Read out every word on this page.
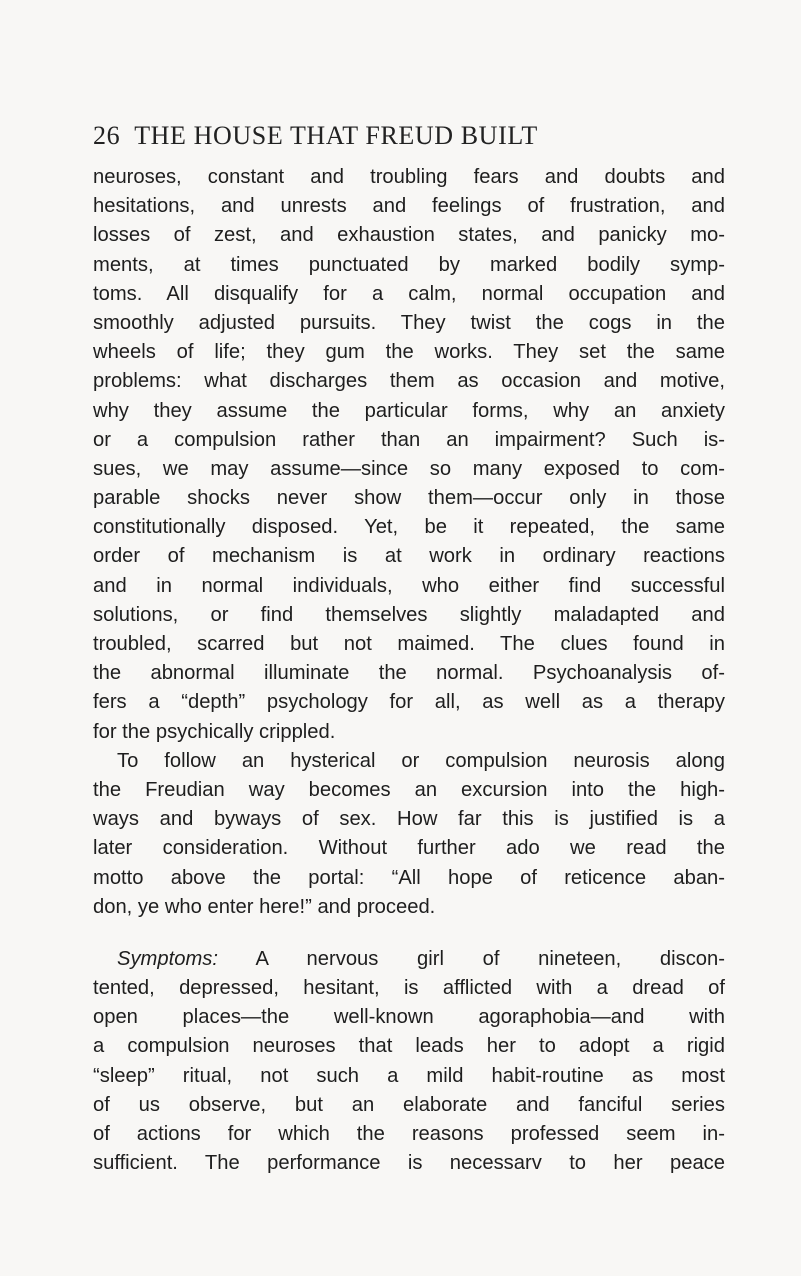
26 THE HOUSE THAT FREUD BUILT
neuroses, constant and troubling fears and doubts and
hesitations, and unrests and feelings of frustration, and
losses of zest, and exhaustion states, and panicky mo-
ments, at times punctuated by marked bodily symp-
toms. All disqualify for a calm, normal occupation and
smoothly adjusted pursuits. They twist the cogs in the
wheels of life; they gum the works. They set the same
problems: what discharges them as occasion and motive,
why they assume the particular forms, why an anxiety
or a compulsion rather than an impairment? Such is-
sues, we may assume—since so many exposed to com-
parable shocks never show them—occur only in those
constitutionally disposed. Yet, be it repeated, the same
order of mechanism is at work in ordinary reactions
and in normal individuals, who either find successful
solutions, or find themselves slightly maladapted and
troubled, scarred but not maimed. The clues found in
the abnormal illuminate the normal. Psychoanalysis of-
fers a “depth” psychology for all, as well as a therapy
for the psychically crippled.
To follow an hysterical or compulsion neurosis along
the Freudian way becomes an excursion into the high-
ways and byways of sex. How far this is justified is a
later consideration. Without further ado we read the
motto above the portal: “All hope of reticence aban-
don, ye who enter here!” and proceed.
Symptoms: A nervous girl of nineteen, discon-
tented, depressed, hesitant, is afflicted with a dread of
open places—the well-known agoraphobia—and with
a compulsion neuroses that leads her to adopt a rigid
“sleep” ritual, not such a mild habit-routine as most
of us observe, but an elaborate and fanciful series
of actions for which the reasons professed seem in-
sufficient. The performance is necessarv to her peace
